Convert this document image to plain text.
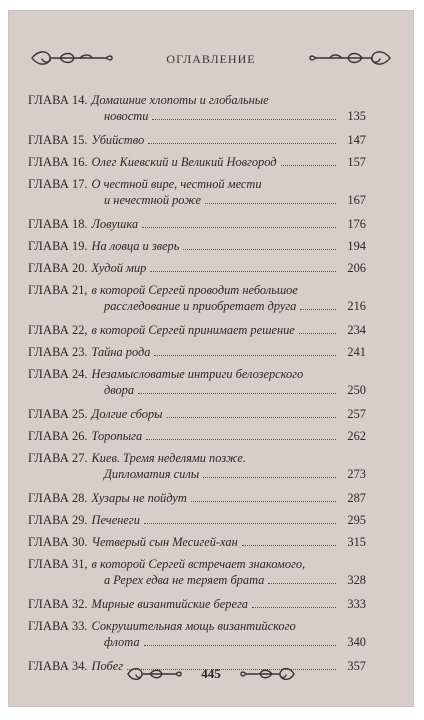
ОГЛАВЛЕНИЕ
ГЛАВА 14. Домашние хлопоты и глобальные
новости	135
ГЛАВА 15. Убийство	147
ГЛАВА 16. Олег Киевский и Великий Новгород	157
ГЛАВА 17. О честной вире, честной мести
и нечестной роже	167
ГЛАВА 18. Ловушка	176
ГЛАВА 19. На ловца и зверь	194
ГЛАВА 20. Худой мир	206
ГЛАВА 21, в которой Сергей проводит небольшое
расследование и приобретает друга	216
ГЛАВА 22, в которой Сергей принимает решение	234
ГЛАВА 23. Тайна рода	241
ГЛАВА 24. Незамысловатые интриги белозерского
двора	250
ГЛАВА 25. Долгие сборы	257
ГЛАВА 26. Торопыга	262
ГЛАВА 27. Киев. Тремя неделями позже.
Дипломатия силы	273
ГЛАВА 28. Хузары не пойдут	287
ГЛАВА 29. Печенеги	295
ГЛАВА 30. Четверый сын Месигей-хан	315
ГЛАВА 31, в которой Сергей встречает знакомого,
а Ререх едва не теряет брата	328
ГЛАВА 32. Мирные византийские берега	333
ГЛАВА 33. Сокрушительная мощь византийского
флота	340
ГЛАВА 34. Побег	357
445
